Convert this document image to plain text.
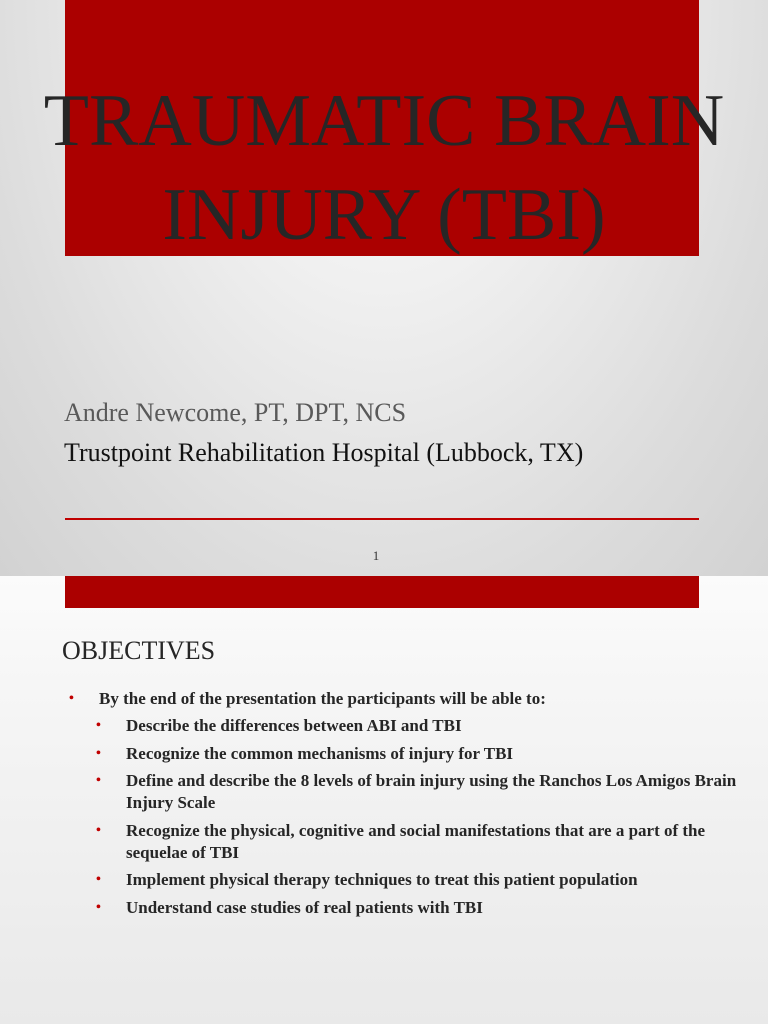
TRAUMATIC BRAIN
INJURY (TBI)

Andre Newcome, PT, DPT, NCS

Trustpoint Rehabilitation Hospital (Lubbock, TX)

1
OBJECTIVES
• By the end of the presentation the participants will be able to:
• Describe the differences between ABI and TBI
• Recognize the common mechanisms of injury for TBI
• Define and describe the 8 levels of brain injury using the Ranchos Los Amigos Brain Injury Scale
• Recognize the physical, cognitive and social manifestations that are a part of the sequelae of TBI
• Implement physical therapy techniques to treat this patient population
• Understand case studies of real patients with TBI
